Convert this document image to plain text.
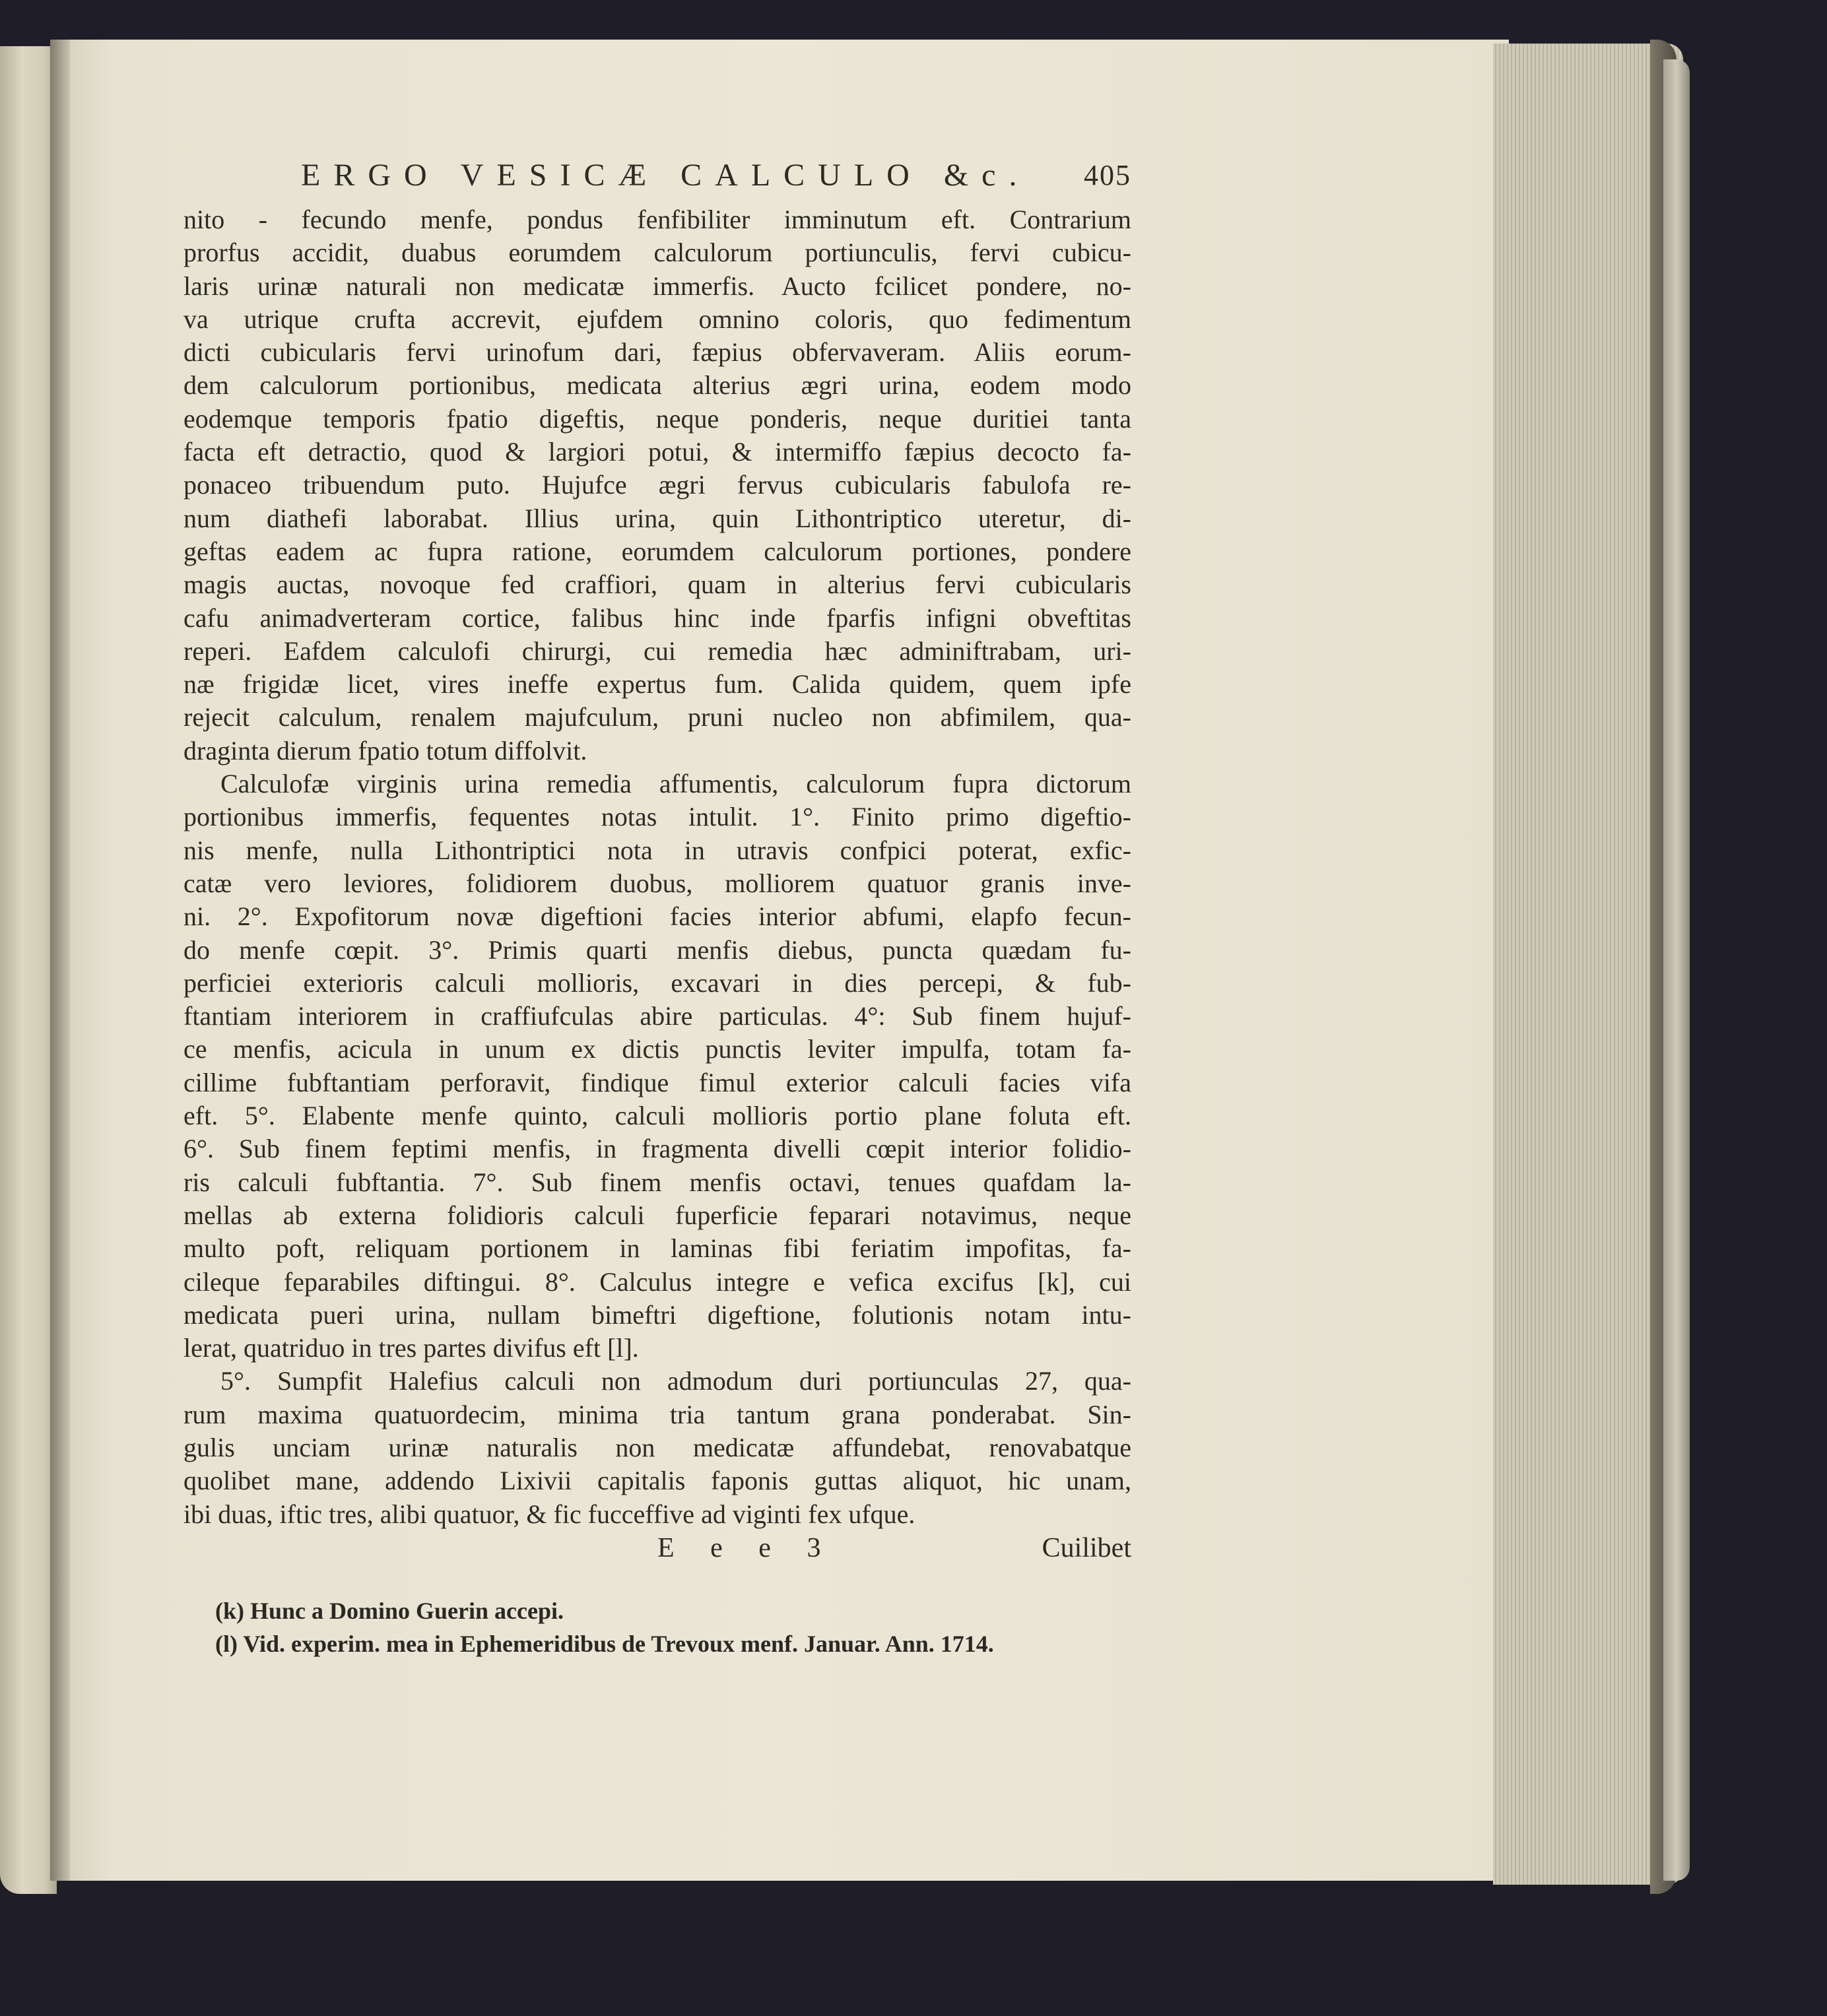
ERGO VESICÆ CALCULO &c. 405
nito - fecundo menfe, pondus fenfibiliter imminutum eft. Contrarium
prorfus accidit, duabus eorumdem calculorum portiunculis, fervi cubicu-
laris urinæ naturali non medicatæ immerfis. Aucto fcilicet pondere, no-
va utrique crufta accrevit, ejufdem omnino coloris, quo fedimentum
dicti cubicularis fervi urinofum dari, fæpius obfervaveram. Aliis eorum-
dem calculorum portionibus, medicata alterius ægri urina, eodem modo
eodemque temporis fpatio digeftis, neque ponderis, neque duritiei tanta
facta eft detractio, quod & largiori potui, & intermiffo fæpius decocto fa-
ponaceo tribuendum puto. Hujufce ægri fervus cubicularis fabulofa re-
num diathefi laborabat. Illius urina, quin Lithontriptico uteretur, di-
geftas eadem ac fupra ratione, eorumdem calculorum portiones, pondere
magis auctas, novoque fed craffiori, quam in alterius fervi cubicularis
cafu animadverteram cortice, falibus hinc inde fparfis infigni obveftitas
reperi. Eafdem calculofi chirurgi, cui remedia hæc adminiftrabam, uri-
næ frigidæ licet, vires ineffe expertus fum. Calida quidem, quem ipfe
rejecit calculum, renalem majufculum, pruni nucleo non abfimilem, qua-
draginta dierum fpatio totum diffolvit.
Calculofæ virginis urina remedia affumentis, calculorum fupra dictorum
portionibus immerfis, fequentes notas intulit. 1°. Finito primo digeftio-
nis menfe, nulla Lithontriptici nota in utravis confpici poterat, exfic-
catæ vero leviores, folidiorem duobus, molliorem quatuor granis inve-
ni. 2°. Expofitorum novæ digeftioni facies interior abfumi, elapfo fecun-
do menfe cœpit. 3°. Primis quarti menfis diebus, puncta quædam fu-
perficiei exterioris calculi mollioris, excavari in dies percepi, & fub-
ftantiam interiorem in craffiufculas abire particulas. 4°: Sub finem hujuf-
ce menfis, acicula in unum ex dictis punctis leviter impulfa, totam fa-
cillime fubftantiam perforavit, findique fimul exterior calculi facies vifa
eft. 5°. Elabente menfe quinto, calculi mollioris portio plane foluta eft.
6°. Sub finem feptimi menfis, in fragmenta divelli cœpit interior folidio-
ris calculi fubftantia. 7°. Sub finem menfis octavi, tenues quafdam la-
mellas ab externa folidioris calculi fuperficie feparari notavimus, neque
multo poft, reliquam portionem in laminas fibi feriatim impofitas, fa-
cileque feparabiles diftingui. 8°. Calculus integre e vefica excifus [k], cui
medicata pueri urina, nullam bimeftri digeftione, folutionis notam intu-
lerat, quatriduo in tres partes divifus eft [l].
5°. Sumpfit Halefius calculi non admodum duri portiunculas 27, qua-
rum maxima quatuordecim, minima tria tantum grana ponderabat. Sin-
gulis unciam urinæ naturalis non medicatæ affundebat, renovabatque
quolibet mane, addendo Lixivii capitalis faponis guttas aliquot, hic unam,
ibi duas, iftic tres, alibi quatuor, & fic fucceffive ad viginti fex ufque.
E e e 3	Cuilibet
(k) Hunc a Domino Guerin accepi.
(l) Vid. experim. mea in Ephemeridibus de Trevoux menf. Januar. Ann. 1714.
